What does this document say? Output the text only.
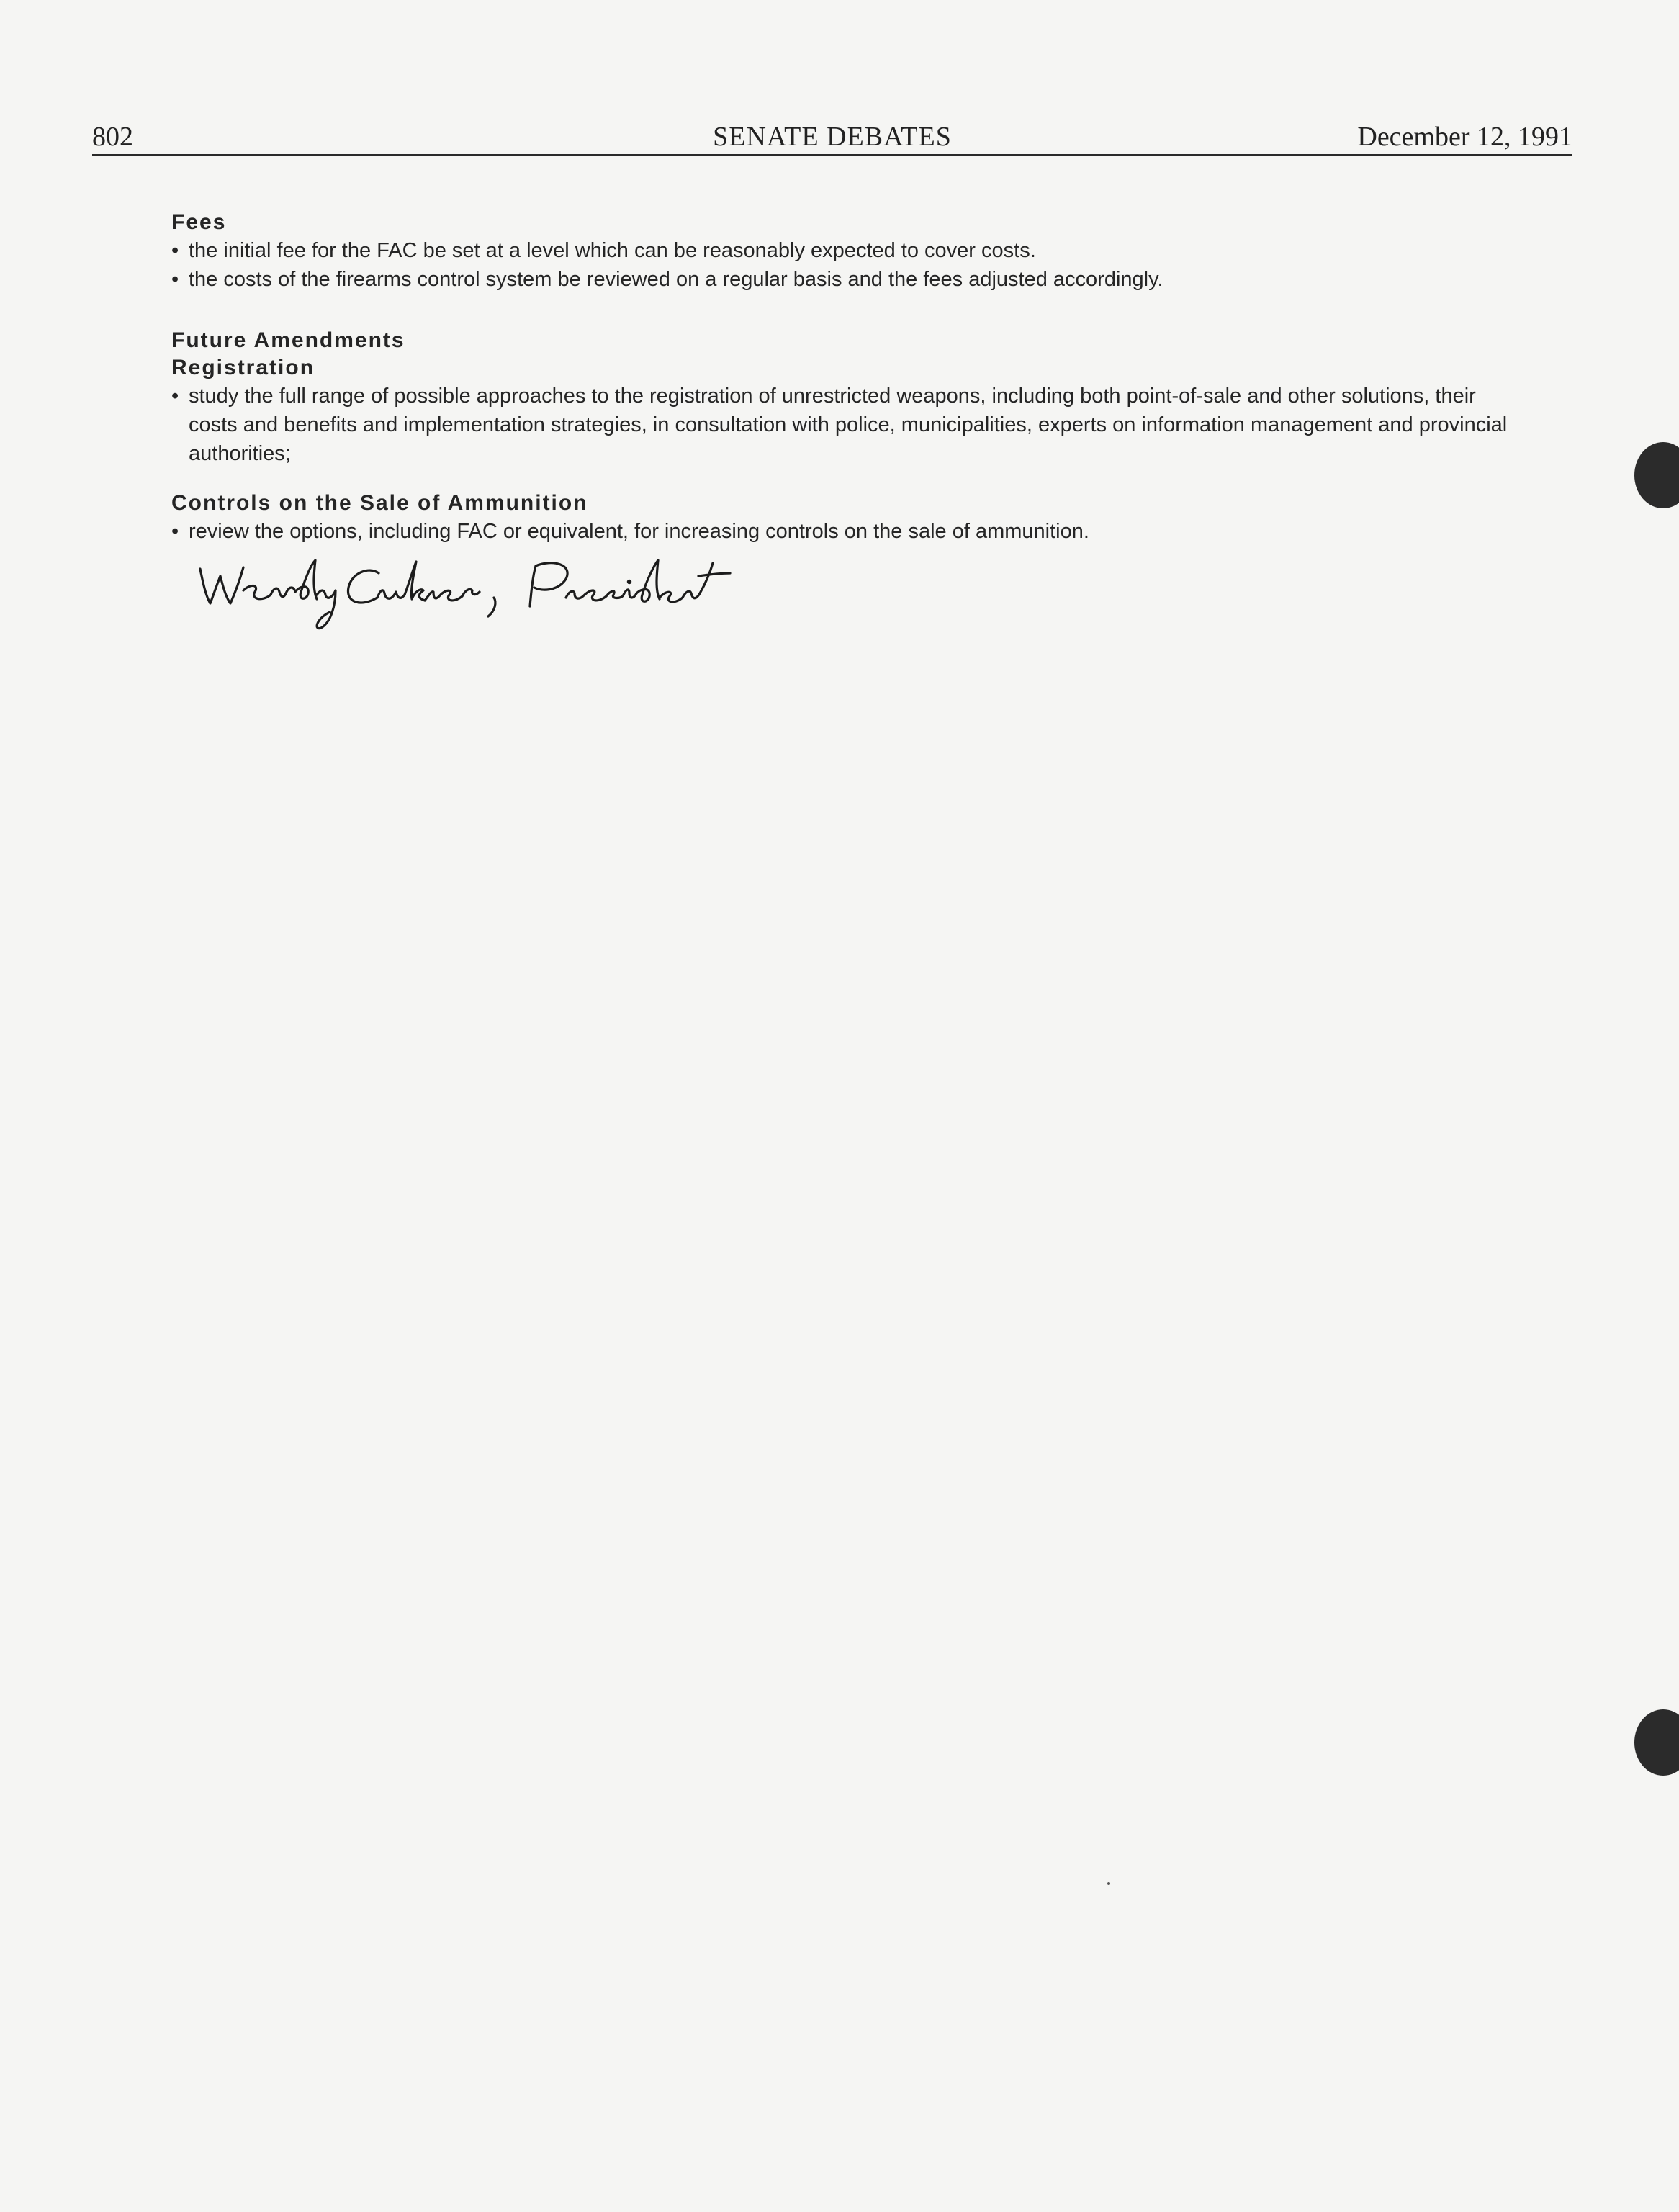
802	SENATE DEBATES	December 12, 1991

Fees

• the initial fee for the FAC be set at a level which can be reasonably expected to cover costs.

• the costs of the firearms control system be reviewed on a regular basis and the fees adjusted accordingly.

Future Amendments

Registration

• study the full range of possible approaches to the registration of unrestricted weapons, including both point-of-sale and other solutions, their costs and benefits and implementation strategies, in consultation with police, municipalities, experts on information management and provincial authorities;

Controls on the Sale of Ammunition

• review the options, including FAC or equivalent, for increasing controls on the sale of ammunition.
